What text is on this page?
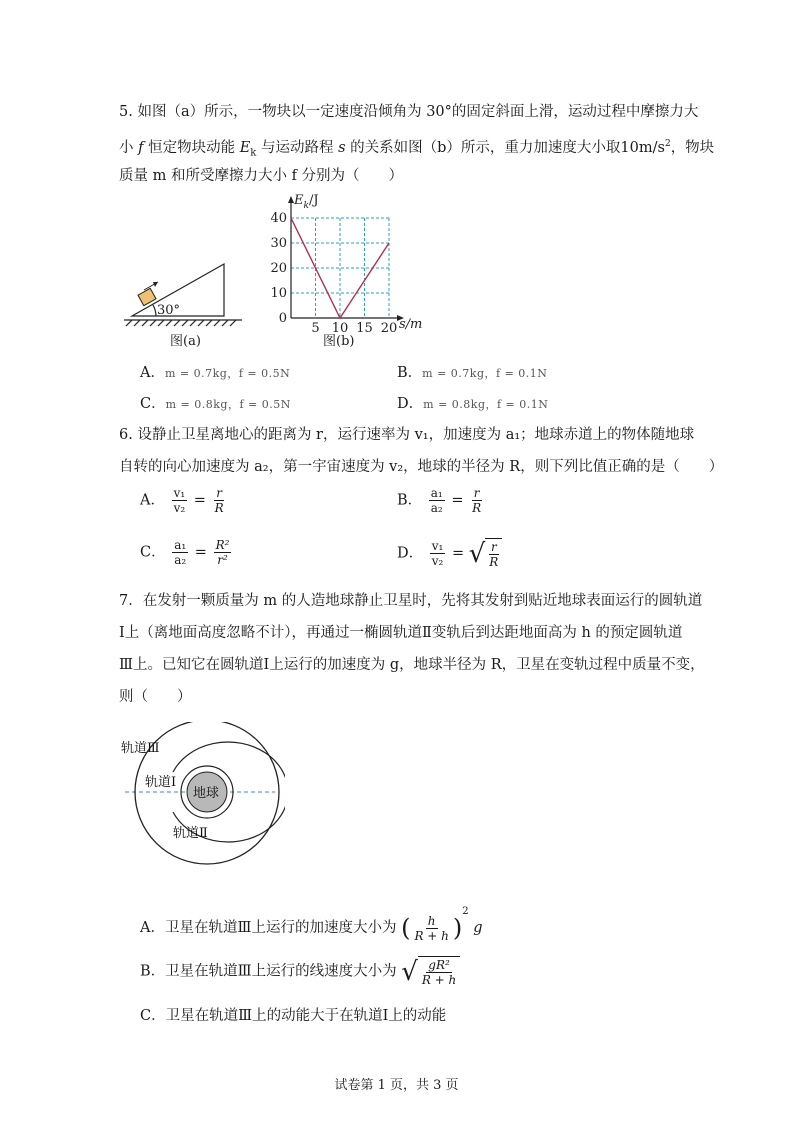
5. 如图（a）所示，一物块以一定速度沿倾角为 30°的固定斜面上滑，运动过程中摩擦力大
小 f 恒定物块动能 $E_k$ 与运动路程 s 的关系如图（b）所示，重力加速度大小取$10m/s^2$，物块
质量 m 和所受摩擦力大小 f 分别为（　　）
30°
图(a)
0
10
20
30
40
5 10 15 20
$E_k/J$
s/m
图(b)
A．m = 0.7kg，f = 0.5N	B．m = 0.7kg，f = 0.1N
C．m = 0.8kg，f = 0.5N	D．m = 0.8kg，f = 0.1N
6. 设静止卫星离地心的距离为 r，运行速率为 v₁，加速度为 a₁；地球赤道上的物体随地球
自转的向心加速度为 a₂，第一宇宙速度为 v₂，地球的半径为 R，则下列比值正确的是（　　）
A． $\frac{\text{v₁}}{\text{v₂}} = \frac{r}{R}$	B． $\frac{\text{a₁}}{\text{a₂}} = \frac{r}{R}$
C． $\frac{\text{a₁}}{\text{a₂}} = \frac{\text{R²}}{\text{r²}}$	D． $\frac{\text{v₁}}{\text{v₂}}$ = √ $\frac{r}{R}$
7．在发射一颗质量为 m 的人造地球静止卫星时，先将其发射到贴近地球表面运行的圆轨道
Ⅰ上（离地面高度忽略不计），再通过一椭圆轨道Ⅱ变轨后到达距地面高为 h 的预定圆轨道
Ⅲ上。已知它在圆轨道Ⅰ上运行的加速度为 g，地球半径为 R，卫星在变轨过程中质量不变，
则（　　）
地球
轨道Ⅲ
轨道Ⅰ
轨道Ⅱ
A．卫星在轨道Ⅲ上运行的加速度大小为 ( $\frac{h}{R + h} )^2$ g
B．卫星在轨道Ⅲ上运行的线速度大小为 √ $\frac{\text{gR²}}{R + h}$
C．卫星在轨道Ⅲ上的动能大于在轨道Ⅰ上的动能
试卷第 1 页，共 3 页
